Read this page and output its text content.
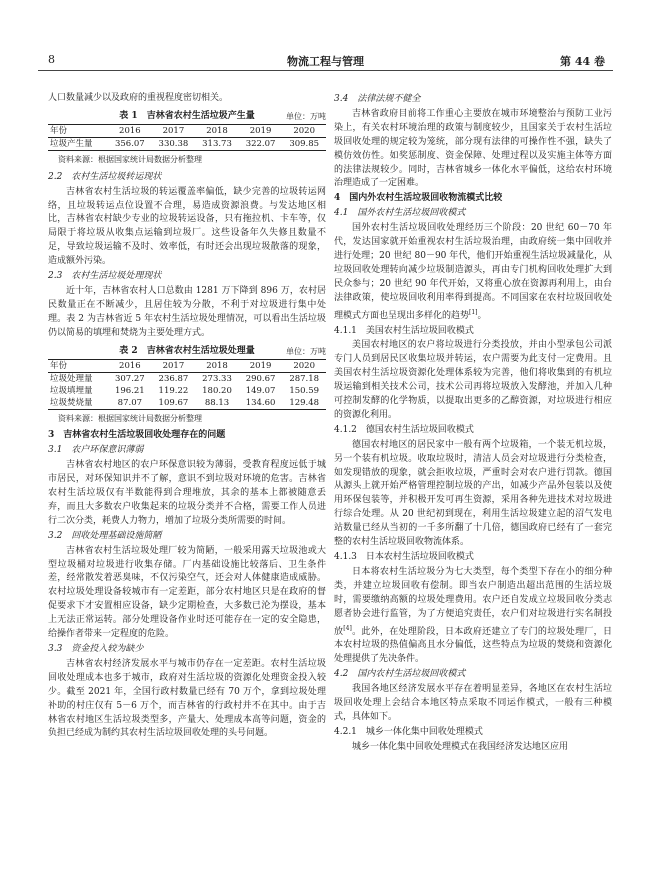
8	物流工程与管理	第 44 卷

人口数量减少以及政府的重视程度密切相关。

表 1　吉林省农村生活垃圾产生量	单位：万吨
年份	2016	2017	2018	2019	2020
垃圾产生量	356.07	330.38	313.73	322.07	309.85
资料来源：根据国家统计局数据分析整理
2.2　农村生活垃圾转运现状

吉林省农村生活垃圾的转运覆盖率偏低，缺少完善的垃圾转运网络，且垃圾转运点位设置不合理，易造成资源浪费。与发达地区相比，吉林省农村缺少专业的垃圾转运设备，只有拖拉机、卡车等，仅局限于将垃圾从收集点运输到垃圾厂。这些设备年久失修且数量不足，导致垃圾运输不及时、效率低，有时还会出现垃圾散落的现象，造成额外污染。

2.3　农村生活垃圾处理现状

近十年，吉林省农村人口总数由 1281 万下降到 896 万，农村居民数量正在不断减少，且居住较为分散，不利于对垃圾进行集中处理。表 2 为吉林省近 5 年农村生活垃圾处理情况，可以看出生活垃圾仍以简易的填埋和焚烧为主要处理方式。

表 2　吉林省农村生活垃圾处理量	单位：万吨
年份	2016	2017	2018	2019	2020
垃圾处理量	307.27	236.87	273.33	290.67	287.18
垃圾填埋量	196.21	119.22	180.20	149.07	150.59
垃圾焚烧量	87.07	109.67	88.13	134.60	129.48
资料来源：根据国家统计局数据分析整理
3　吉林省农村生活垃圾回收处理存在的问题
3.1　农户环保意识薄弱

吉林省农村地区的农户环保意识较为薄弱，受教育程度远低于城市居民，对环保知识并不了解，意识不到垃圾对环境的危害。吉林省农村生活垃圾仅有半数能得到合理堆放，其余的基本上都被随意丢弃，而且大多数农户收集起来的垃圾分类并不合格，需要工作人员进行二次分类，耗费人力物力，增加了垃圾分类所需要的时间。

3.2　回收处理基础设施简陋

吉林省农村生活垃圾处理厂较为简陋，一般采用露天垃圾池或大型垃圾桶对垃圾进行收集存储。厂内基础设施比较落后、卫生条件差，经常散发着恶臭味，不仅污染空气，还会对人体健康造成威胁。农村垃圾处理设备较城市有一定差距，部分农村地区只是在政府的督促要求下才安置相应设备，缺少定期检查，大多数已沦为摆设，基本上无法正常运转。部分处理设备作业时还可能存在一定的安全隐患，给操作者带来一定程度的危险。

3.3　资金投入较为缺少

吉林省农村经济发展水平与城市仍存在一定差距。农村生活垃圾回收处理成本也多于城市，政府对生活垃圾的资源化处理资金投入较少。截至 2021 年，全国行政村数量已经有 70 万个，拿到垃圾处理补助的村庄仅有 5－6 万个，而吉林省的行政村并不在其中。由于吉林省农村地区生活垃圾类型多，产量大、处理成本高等问题，资金的负担已经成为制约其农村生活垃圾回收处理的头号问题。

3.4　法律法规不健全

吉林省政府目前将工作重心主要放在城市环境整治与预防工业污染上，有关农村环境治理的政策与制度较少，且国家关于农村生活垃圾回收处理的规定较为笼统，部分现有法律的可操作性不强，缺失了模仿效仿性。如奖惩制度、资金保障、处理过程以及实施主体等方面的法律法规较少。同时，吉林省城乡一体化水平偏低，这给农村环境治理造成了一定困难。

4　国内外农村生活垃圾回收物流模式比较
4.1　国外农村生活垃圾回收模式

国外农村生活垃圾回收处理经历三个阶段：20 世纪 60－70 年代，发达国家就开始重视农村生活垃圾治理，由政府统一集中回收并进行处理；20 世纪 80－90 年代，他们开始重视生活垃圾减量化，从垃圾回收处理转向减少垃圾制造源头，再由专门机构回收处理扩大到民众参与；20 世纪 90 年代开始，又将重心放在资源再利用上，由台法律政策，使垃圾回收利用率得到提高。不同国家在农村垃圾回收处理模式方面也呈现出多样化的趋势[1]。

4.1.1　美国农村生活垃圾回收模式

美国农村地区的农户将垃圾进行分类投放，并由小型承包公司派专门人员到居民区收集垃圾并转运，农户需要为此支付一定费用。且美国农村生活垃圾资源化处理体系较为完善，他们将收集到的有机垃圾运输到相关技术公司，技术公司再将垃圾放入发酵池，并加入几种可控制发酵的化学物质，以提取出更多的乙醇资源，对垃圾进行相应的资源化利用。

4.1.2　德国农村生活垃圾回收模式

德国农村地区的居民家中一般有两个垃圾箱，一个装无机垃圾，另一个装有机垃圾。收取垃圾时，清洁人员会对垃圾进行分类检查，如发现错放的现象，就会拒收垃圾，严重时会对农户进行罚款。德国从源头上就开始严格管理控制垃圾的产出，如减少产品外包装以及使用环保包装等，并积极开发可再生资源，采用各种先进技术对垃圾进行综合处理。从 20 世纪初到现在，利用生活垃圾建立起的沼气发电站数量已经从当初的一千多所翻了十几倍，德国政府已经有了一套完整的农村生活垃圾回收物流体系。

4.1.3　日本农村生活垃圾回收模式

日本将农村生活垃圾分为七大类型，每个类型下存在小的细分种类，并建立垃圾回收有偿制。即当农户制造出超出范围的生活垃圾时，需要缴纳高额的垃圾处理费用。农户还自发成立垃圾回收分类志愿者协会进行监管，为了方便追究责任，农户们对垃圾进行实名制投放[4]。此外，在处理阶段，日本政府还建立了专门的垃圾处理厂，日本农村垃圾的热值偏高且水分偏低，这些特点为垃圾的焚烧和资源化处理提供了先决条件。

4.2　国内农村生活垃圾回收模式

我国各地区经济发展水平存在着明显差异，各地区在农村生活垃圾回收处理上会结合本地区特点采取不同运作模式，一般有三种模式，具体如下。

4.2.1　城乡一体化集中回收处理模式

城乡一体化集中回收处理模式在我国经济发达地区应用
